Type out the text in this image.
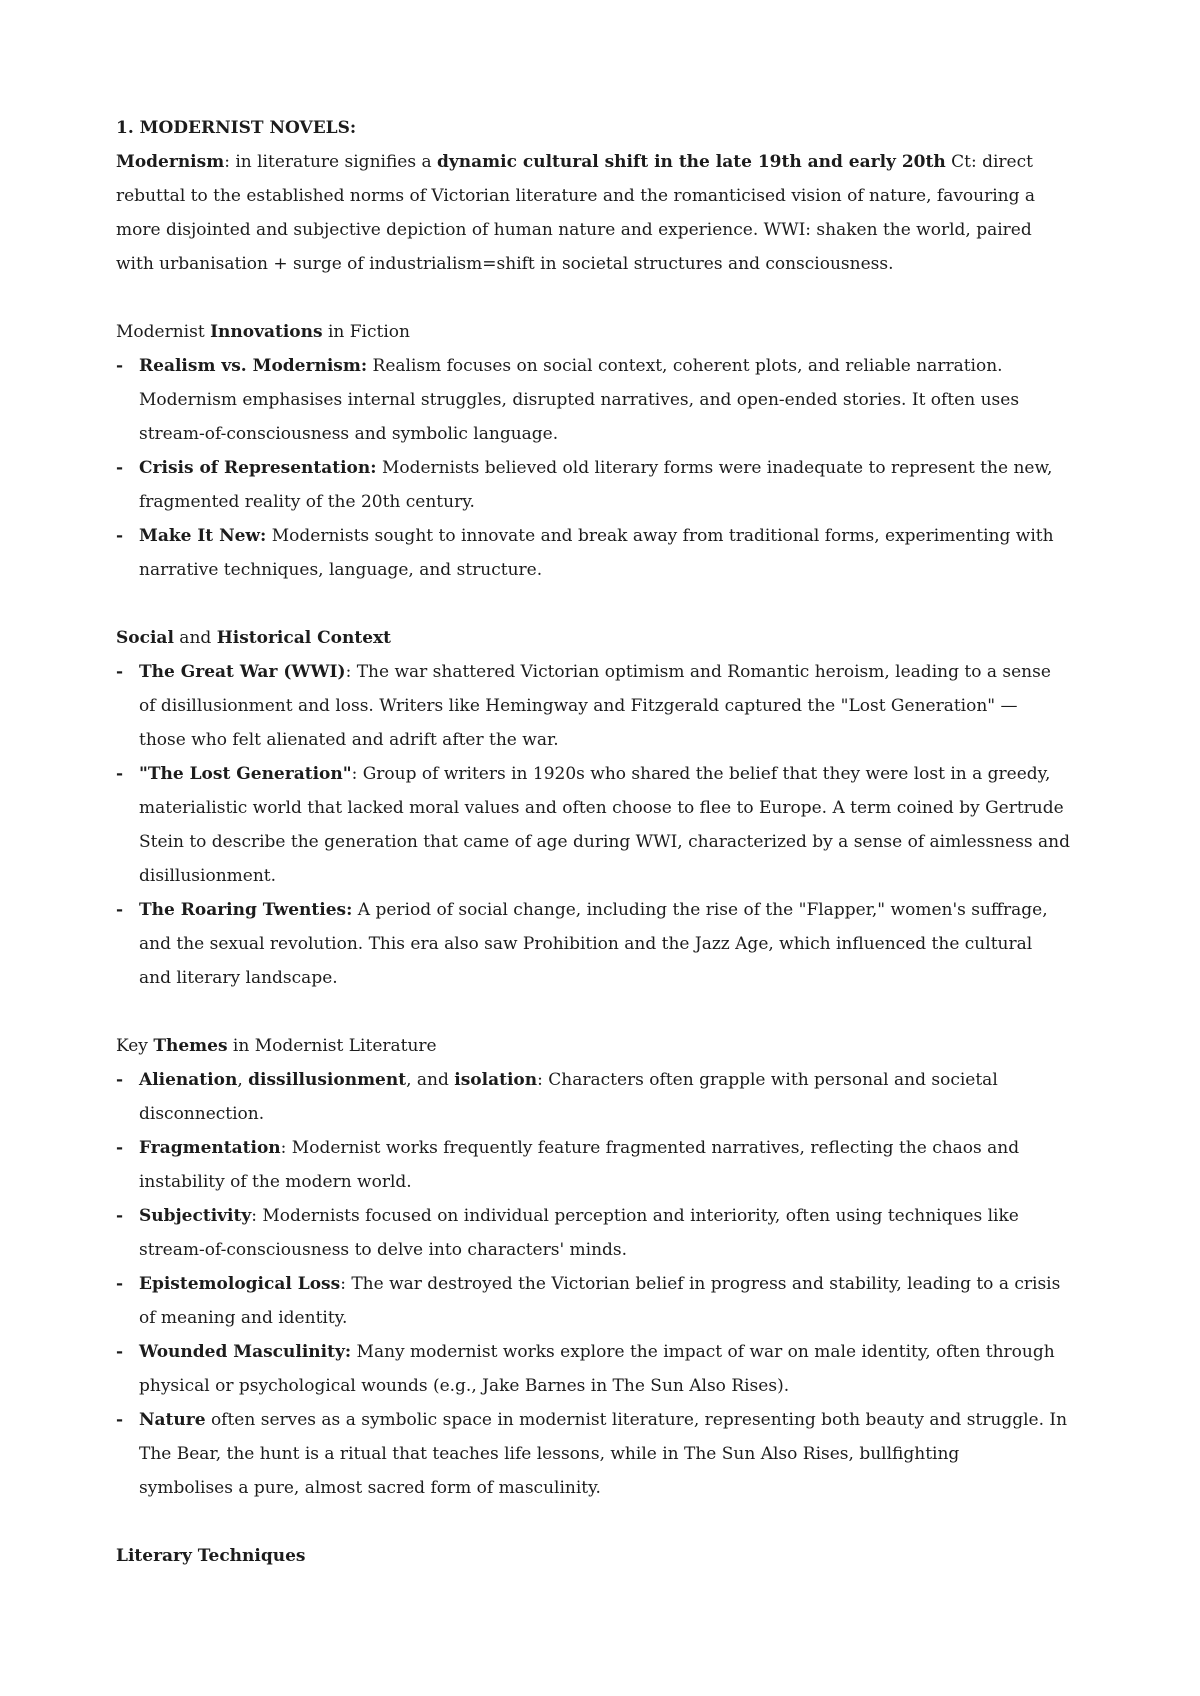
1. MODERNIST NOVELS:
Modernism: in literature signifies a dynamic cultural shift in the late 19th and early 20th Ct: direct
rebuttal to the established norms of Victorian literature and the romanticised vision of nature, favouring a
more disjointed and subjective depiction of human nature and experience. WWI: shaken the world, paired
with urbanisation + surge of industrialism=shift in societal structures and consciousness.
Modernist Innovations in Fiction
- Realism vs. Modernism: Realism focuses on social context, coherent plots, and reliable narration.
Modernism emphasises internal struggles, disrupted narratives, and open-ended stories. It often uses
stream-of-consciousness and symbolic language.
- Crisis of Representation: Modernists believed old literary forms were inadequate to represent the new,
fragmented reality of the 20th century.
- Make It New: Modernists sought to innovate and break away from traditional forms, experimenting with
narrative techniques, language, and structure.
Social and Historical Context
- The Great War (WWI): The war shattered Victorian optimism and Romantic heroism, leading to a sense
of disillusionment and loss. Writers like Hemingway and Fitzgerald captured the "Lost Generation" —
those who felt alienated and adrift after the war.
- "The Lost Generation": Group of writers in 1920s who shared the belief that they were lost in a greedy,
materialistic world that lacked moral values and often choose to flee to Europe. A term coined by Gertrude
Stein to describe the generation that came of age during WWI, characterized by a sense of aimlessness and
disillusionment.
- The Roaring Twenties: A period of social change, including the rise of the "Flapper," women's suffrage,
and the sexual revolution. This era also saw Prohibition and the Jazz Age, which influenced the cultural
and literary landscape.
Key Themes in Modernist Literature
- Alienation, dissillusionment, and isolation: Characters often grapple with personal and societal
disconnection.
- Fragmentation: Modernist works frequently feature fragmented narratives, reflecting the chaos and
instability of the modern world.
- Subjectivity: Modernists focused on individual perception and interiority, often using techniques like
stream-of-consciousness to delve into characters' minds.
- Epistemological Loss: The war destroyed the Victorian belief in progress and stability, leading to a crisis
of meaning and identity.
- Wounded Masculinity: Many modernist works explore the impact of war on male identity, often through
physical or psychological wounds (e.g., Jake Barnes in The Sun Also Rises).
- Nature often serves as a symbolic space in modernist literature, representing both beauty and struggle. In
The Bear, the hunt is a ritual that teaches life lessons, while in The Sun Also Rises, bullfighting
symbolises a pure, almost sacred form of masculinity.
Literary Techniques
